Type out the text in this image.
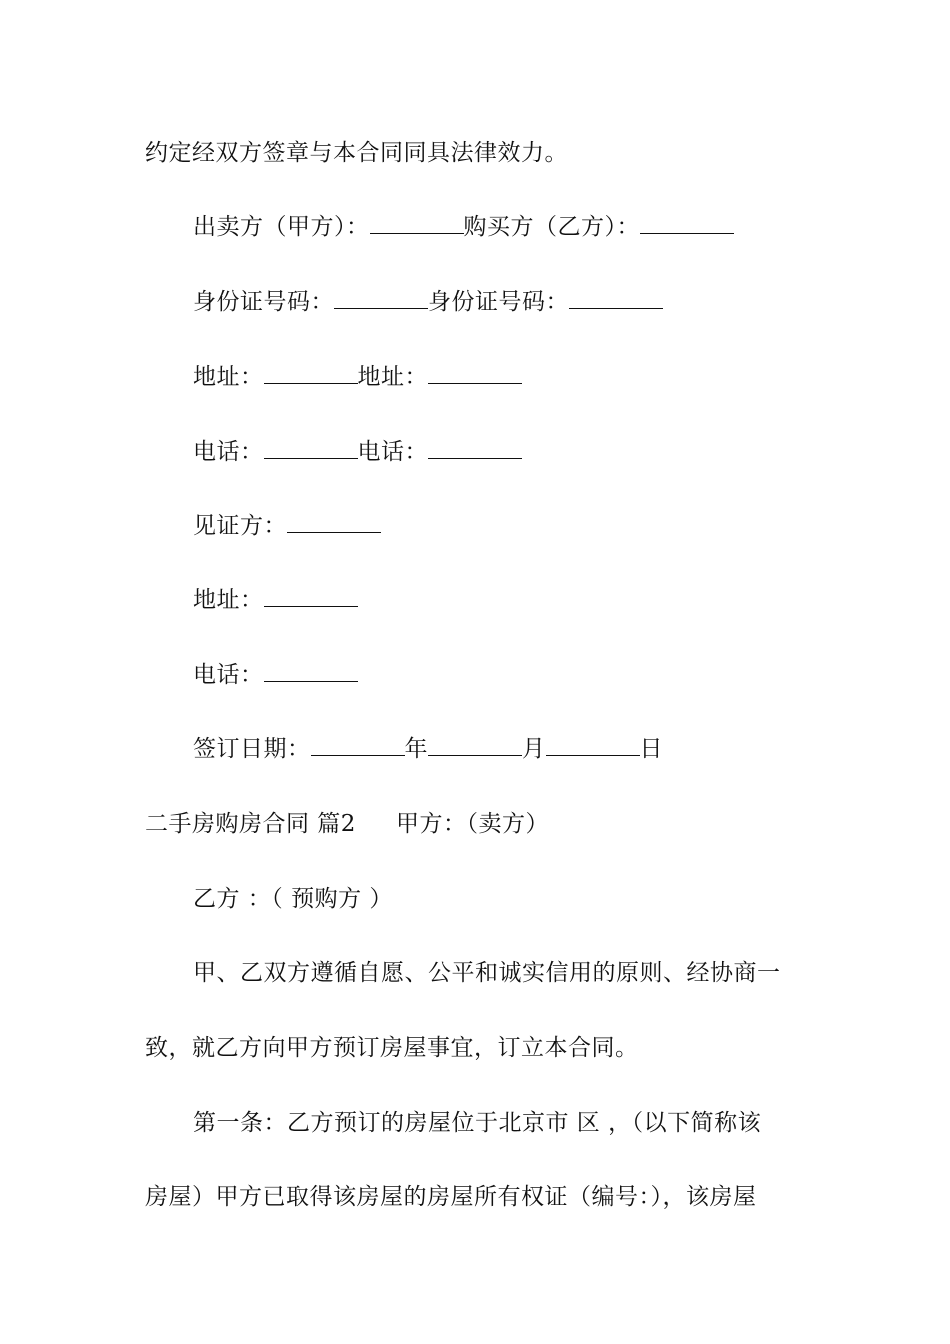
约定经双方签章与本合同同具法律效力。
出卖方（甲方）：	购买方（乙方）：
身份证号码：	身份证号码：
地址：	地址：
电话：	电话：
见证方：
地址：
电话：
签订日期：	年	月	日
二手房购房合同 篇2 甲方：（卖方）
乙方 ：（ 预购方 ）
甲、乙双方遵循自愿、公平和诚实信用的原则、经协商一
致，就乙方向甲方预订房屋事宜，订立本合同。
第一条：乙方预订的房屋位于北京市 区 ，（以下简称该
房屋）甲方已取得该房屋的房屋所有权证（编号：），该房屋
